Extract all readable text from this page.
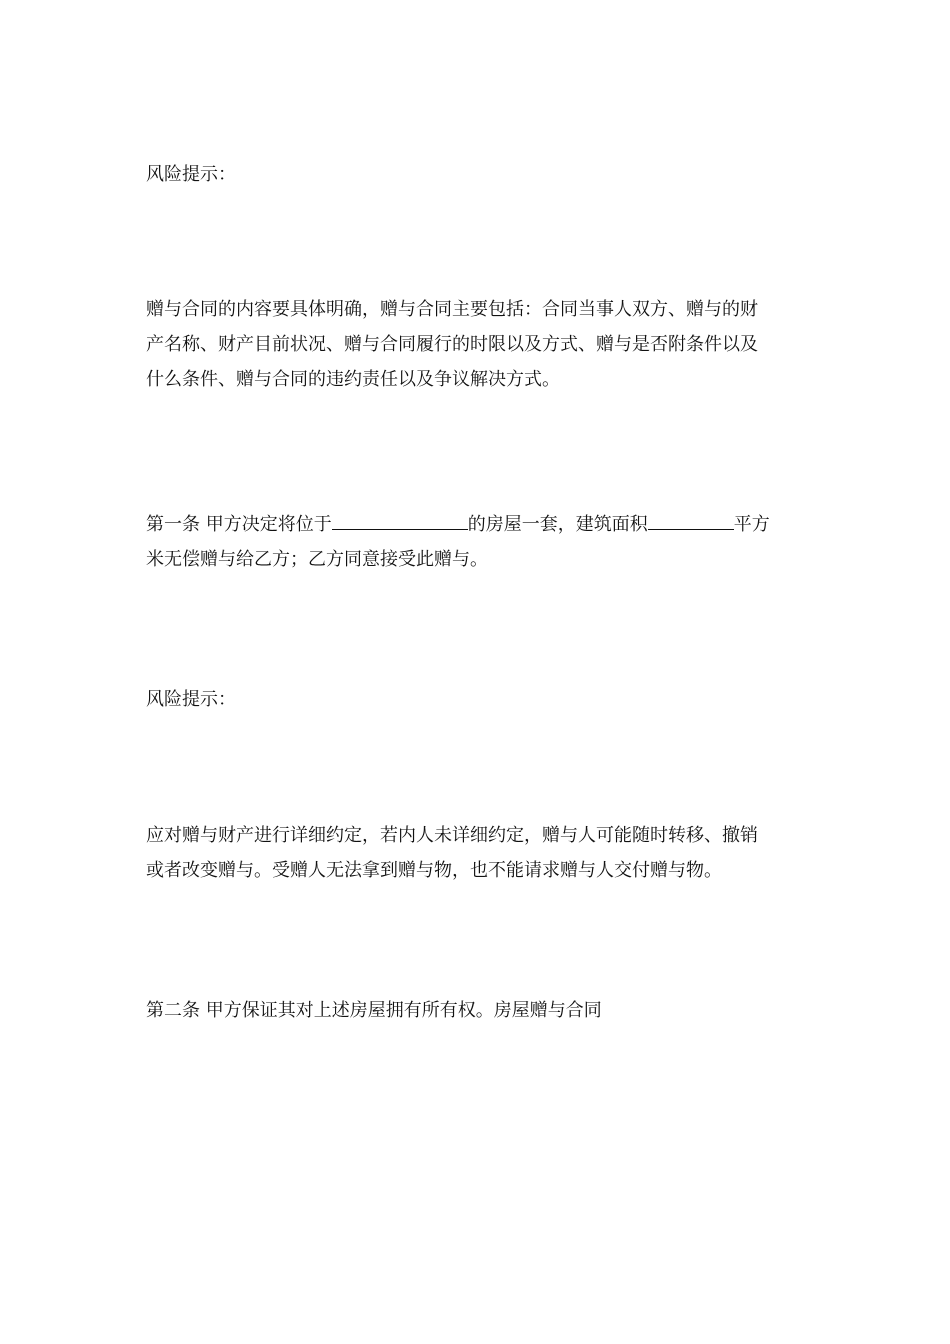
风险提示：

赠与合同的内容要具体明确，赠与合同主要包括：合同当事人双方、赠与的财
产名称、财产目前状况、赠与合同履行的时限以及方式、赠与是否附条件以及
什么条件、赠与合同的违约责任以及争议解决方式。

第一条 甲方决定将位于	的房屋一套，建筑面积	平方
米无偿赠与给乙方；乙方同意接受此赠与。

风险提示：

应对赠与财产进行详细约定，若内人未详细约定，赠与人可能随时转移、撤销
或者改变赠与。受赠人无法拿到赠与物，也不能请求赠与人交付赠与物。

第二条 甲方保证其对上述房屋拥有所有权。房屋赠与合同
